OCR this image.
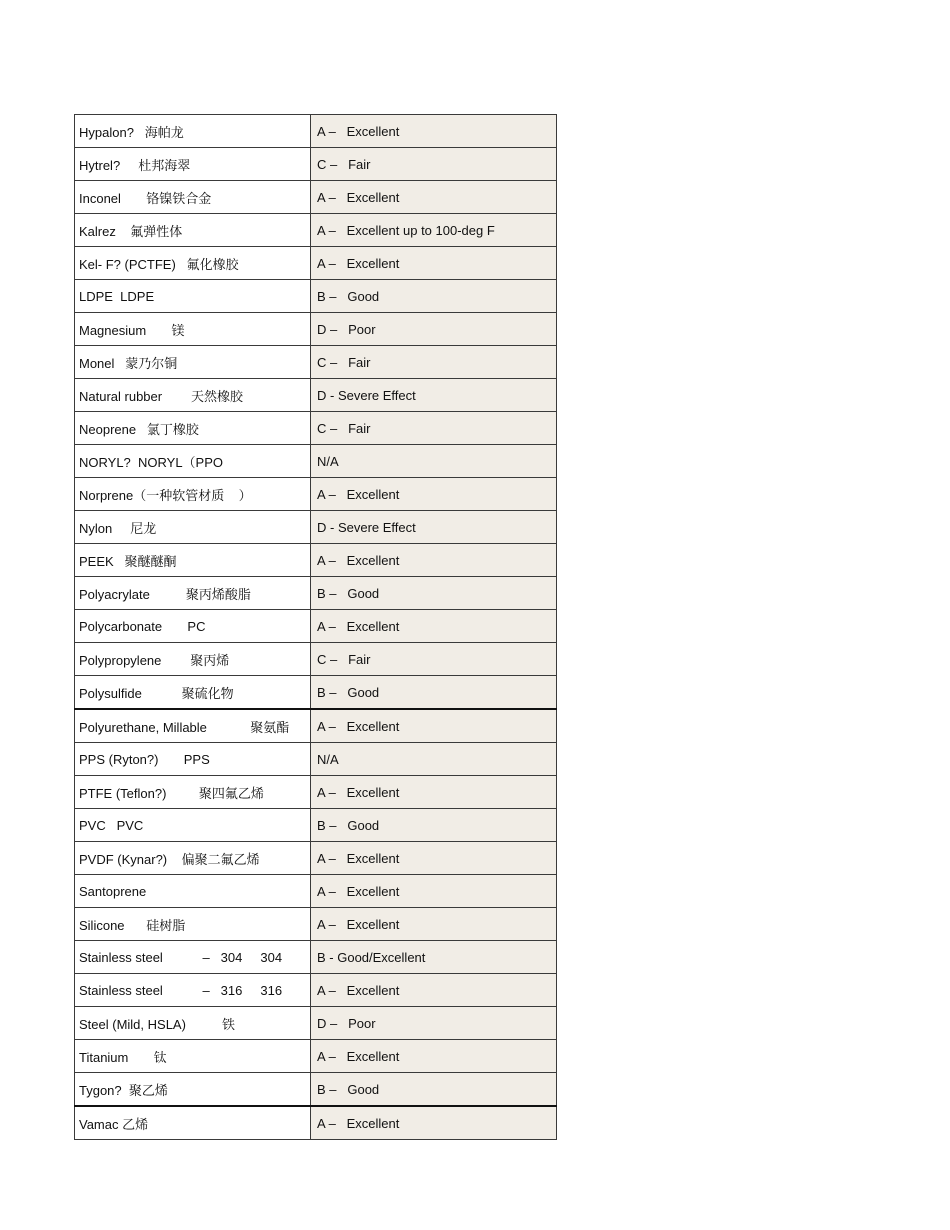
Hypalon?   海帕龙	A –   Excellent
Hytrel?     杜邦海翠	C –   Fair
Inconel       铬镍铁合金	A –   Excellent
Kalrez    氟弹性体	A –   Excellent up to 100-deg F
Kel- F? (PCTFE)   氟化橡胶	A –   Excellent
LDPE  LDPE	B –   Good
Magnesium       镁	D –   Poor
Monel   蒙乃尔铜	C –   Fair
Natural rubber        天然橡胶	D - Severe Effect
Neoprene   氯丁橡胶	C –   Fair
NORYL?  NORYL（PPO	N/A
Norprene（一种软管材质    ）	A –   Excellent
Nylon     尼龙	D - Severe Effect
PEEK   聚醚醚酮	A –   Excellent
Polyacrylate          聚丙烯酸脂	B –   Good
Polycarbonate       PC	A –   Excellent
Polypropylene        聚丙烯	C –   Fair
Polysulfide           聚硫化物	B –   Good
Polyurethane, Millable            聚氨酯	A –   Excellent
PPS (Ryton?)       PPS	N/A
PTFE (Teflon?)         聚四氟乙烯	A –   Excellent
PVC   PVC	B –   Good
PVDF (Kynar?)    偏聚二氟乙烯	A –   Excellent
Santoprene	A –   Excellent
Silicone      硅树脂	A –   Excellent
Stainless steel           –   304     304	B - Good/Excellent
Stainless steel           –   316     316	A –   Excellent
Steel (Mild, HSLA)          铁	D –   Poor
Titanium       钛	A –   Excellent
Tygon?  聚乙烯	B –   Good
Vamac 乙烯	A –   Excellent
